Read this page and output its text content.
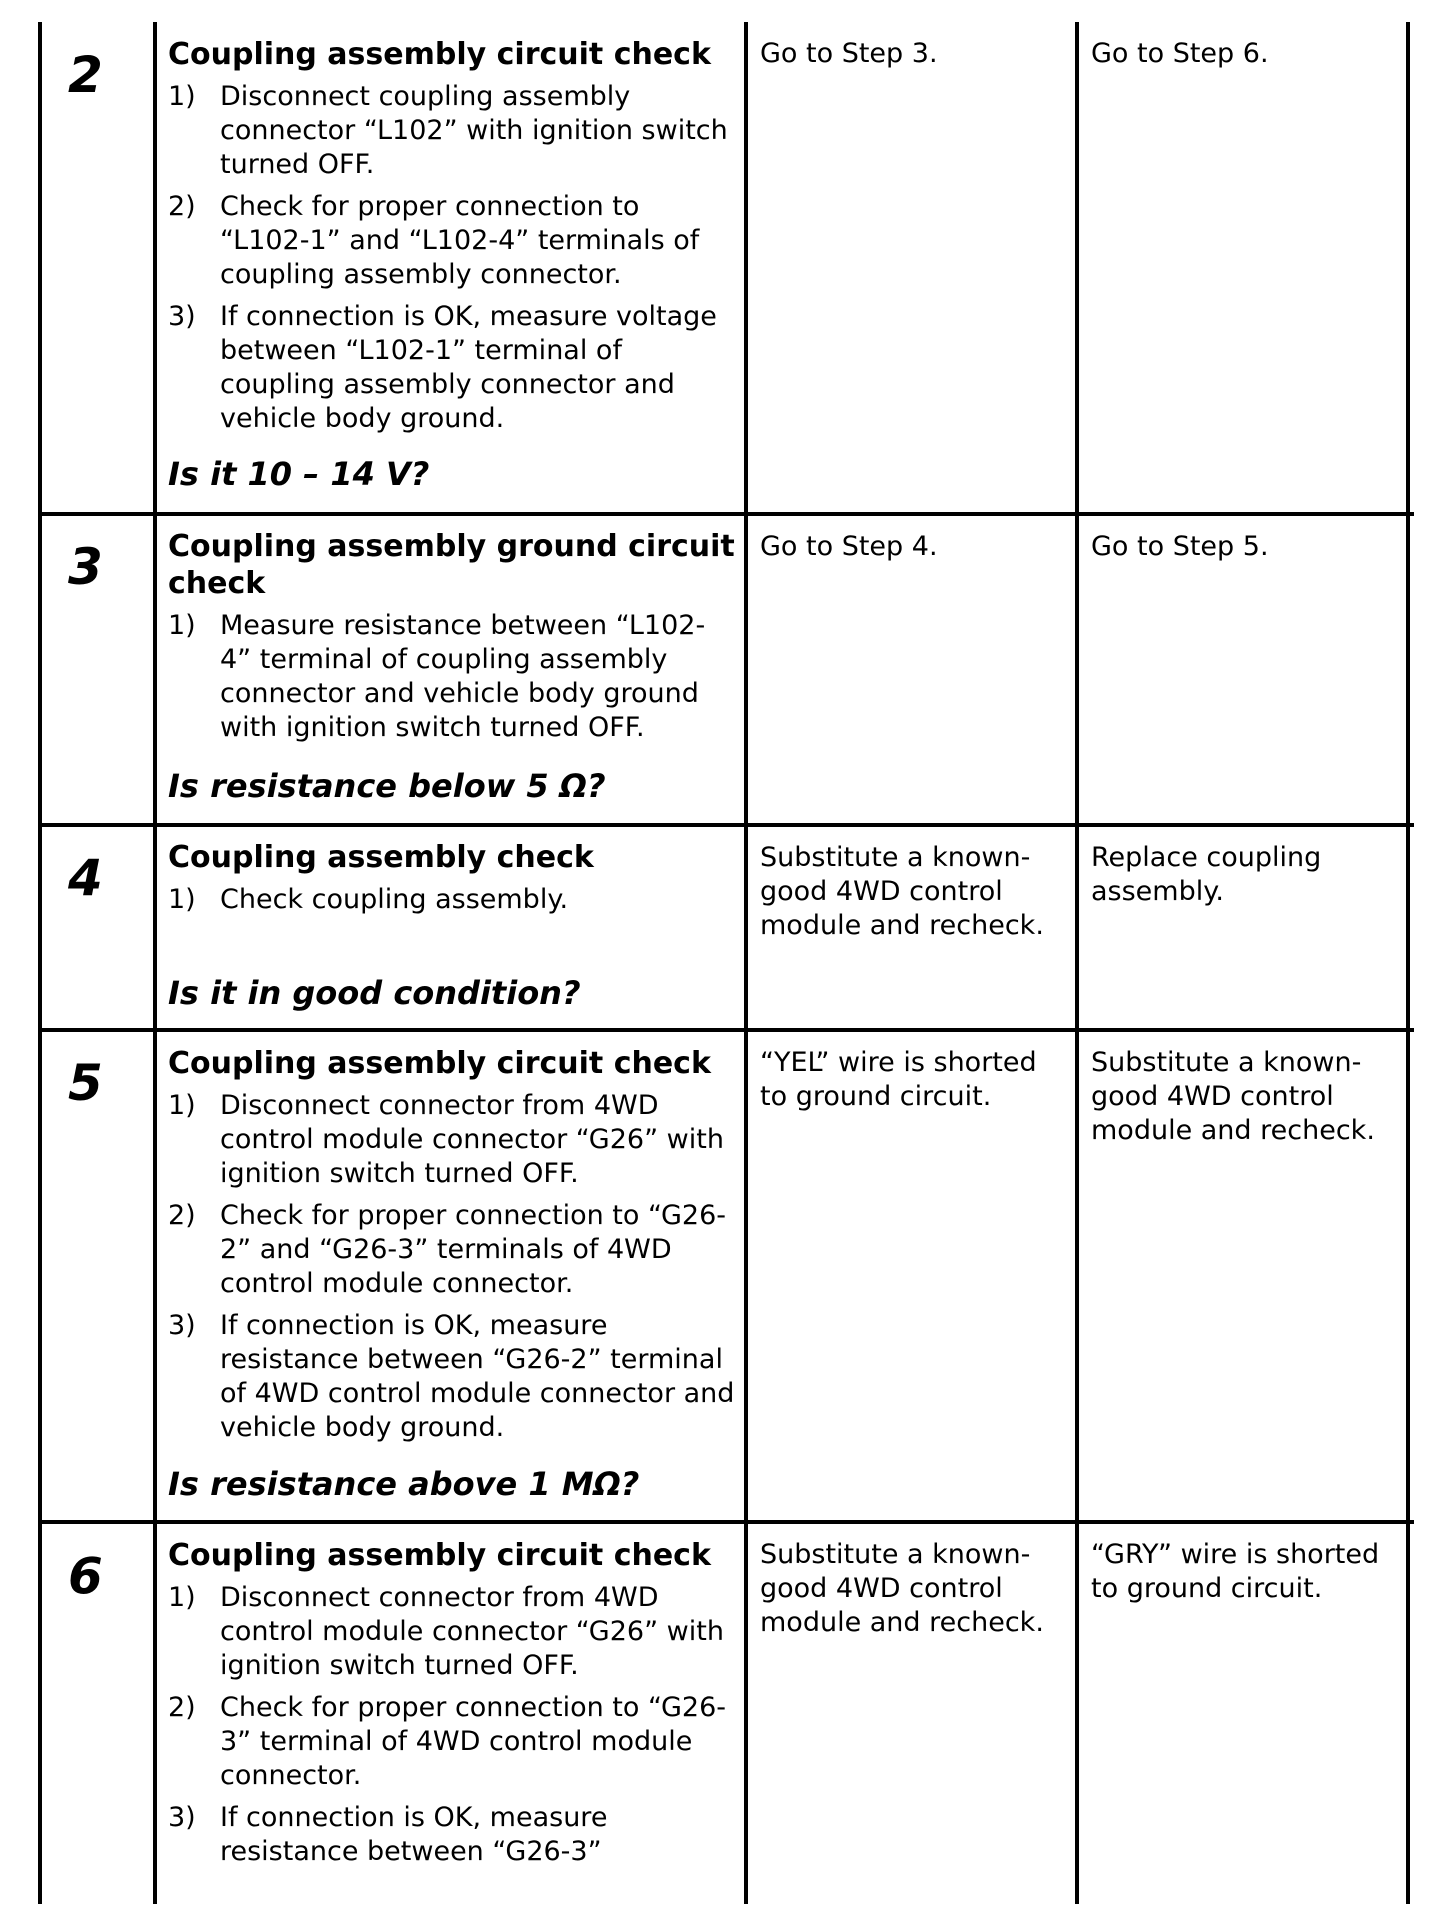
2 Coupling assembly circuit check
1) Disconnect coupling assembly connector “L102” with ignition switch turned OFF.
2) Check for proper connection to “L102-1” and “L102-4” terminals of coupling assembly connector.
3) If connection is OK, measure voltage between “L102-1” terminal of coupling assembly connector and vehicle body ground.
Is it 10 – 14 V?
Go to Step 3.	Go to Step 6.
3 Coupling assembly ground circuit check
1) Measure resistance between “L102-4” terminal of coupling assembly connector and vehicle body ground with ignition switch turned OFF.
Is resistance below 5 Ω?
Go to Step 4.	Go to Step 5.
4 Coupling assembly check
1) Check coupling assembly.
Is it in good condition?
Substitute a known-good 4WD control module and recheck.
Replace coupling assembly.
5 Coupling assembly circuit check
1) Disconnect connector from 4WD control module connector “G26” with ignition switch turned OFF.
2) Check for proper connection to “G26-2” and “G26-3” terminals of 4WD control module connector.
3) If connection is OK, measure resistance between “G26-2” terminal of 4WD control module connector and vehicle body ground.
Is resistance above 1 MΩ?
“YEL” wire is shorted to ground circuit.
Substitute a known-good 4WD control module and recheck.
6 Coupling assembly circuit check
1) Disconnect connector from 4WD control module connector “G26” with ignition switch turned OFF.
2) Check for proper connection to “G26-3” terminal of 4WD control module connector.
3) If connection is OK, measure resistance between “G26-3”
Substitute a known-good 4WD control module and recheck.
“GRY” wire is shorted to ground circuit.
